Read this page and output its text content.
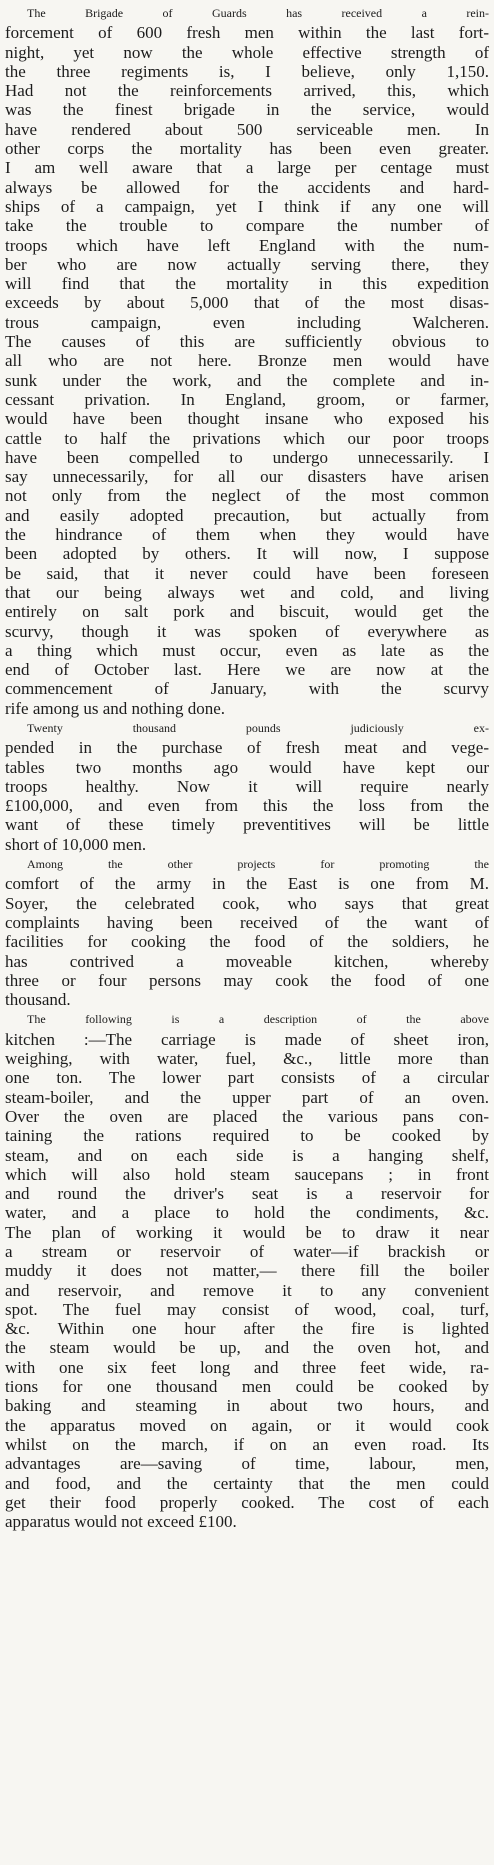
The Brigade of Guards has received a rein-
forcement of 600 fresh men within the last fort-
night, yet now the whole effective strength of
the three regiments is, I believe, only 1,150.
Had not the reinforcements arrived, this, which
was the finest brigade in the service, would
have rendered about 500 serviceable men. In
other corps the mortality has been even greater.
I am well aware that a large per centage must
always be allowed for the accidents and hard-
ships of a campaign, yet I think if any one will
take the trouble to compare the number of
troops which have left England with the num-
ber who are now actually serving there, they
will find that the mortality in this expedition
exceeds by about 5,000 that of the most disas-
trous campaign, even including Walcheren.
The causes of this are sufficiently obvious to
all who are not here. Bronze men would have
sunk under the work, and the complete and in-
cessant privation. In England, groom, or farmer,
would have been thought insane who exposed his
cattle to half the privations which our poor troops
have been compelled to undergo unnecessarily. I
say unnecessarily, for all our disasters have arisen
not only from the neglect of the most common
and easily adopted precaution, but actually from
the hindrance of them when they would have
been adopted by others. It will now, I suppose
be said, that it never could have been foreseen
that our being always wet and cold, and living
entirely on salt pork and biscuit, would get the
scurvy, though it was spoken of everywhere as
a thing which must occur, even as late as the
end of October last. Here we are now at the
commencement of January, with the scurvy
rife among us and nothing done.
Twenty thousand pounds judiciously ex-
pended in the purchase of fresh meat and vege-
tables two months ago would have kept our
troops healthy. Now it will require nearly
£100,000, and even from this the loss from the
want of these timely preventitives will be little
short of 10,000 men.
Among the other projects for promoting the
comfort of the army in the East is one from M.
Soyer, the celebrated cook, who says that great
complaints having been received of the want of
facilities for cooking the food of the soldiers, he
has contrived a moveable kitchen, whereby
three or four persons may cook the food of one
thousand.
The following is a description of the above
kitchen :—The carriage is made of sheet iron,
weighing, with water, fuel, &c., little more than
one ton. The lower part consists of a circular
steam-boiler, and the upper part of an oven.
Over the oven are placed the various pans con-
taining the rations required to be cooked by
steam, and on each side is a hanging shelf,
which will also hold steam saucepans ; in front
and round the driver's seat is a reservoir for
water, and a place to hold the condiments, &c.
The plan of working it would be to draw it near
a stream or reservoir of water—if brackish or
muddy it does not matter,— there fill the boiler
and reservoir, and remove it to any convenient
spot. The fuel may consist of wood, coal, turf,
&c. Within one hour after the fire is lighted
the steam would be up, and the oven hot, and
with one six feet long and three feet wide, ra-
tions for one thousand men could be cooked by
baking and steaming in about two hours, and
the apparatus moved on again, or it would cook
whilst on the march, if on an even road. Its
advantages are—saving of time, labour, men,
and food, and the certainty that the men could
get their food properly cooked. The cost of each
apparatus would not exceed £100.
